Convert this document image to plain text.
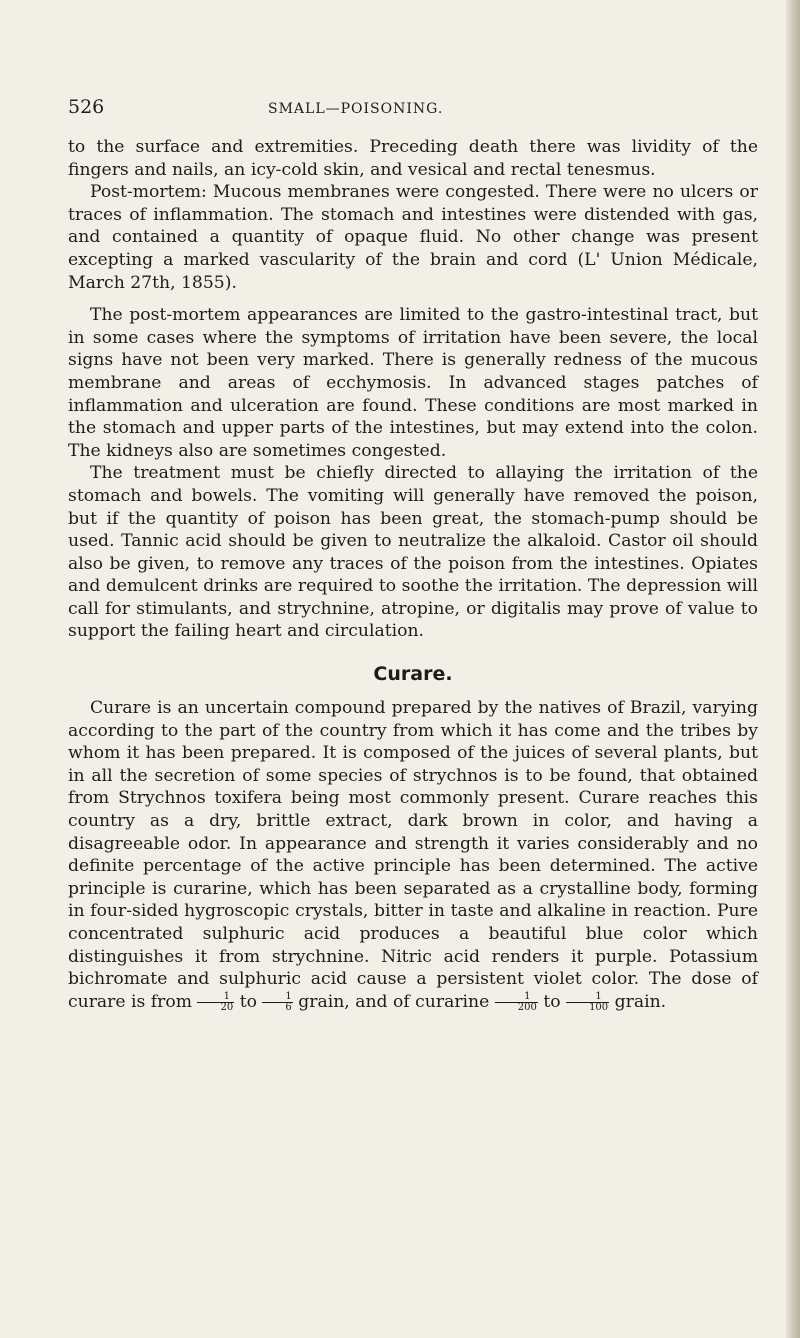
526	SMALL—POISONING.

to the surface and extremities. Preceding death there was lividity of the fingers and nails, an icy-cold skin, and vesical and rectal tenesmus.

Post-mortem: Mucous membranes were congested. There were no ulcers or traces of inflammation. The stomach and intestines were distended with gas, and contained a quantity of opaque fluid. No other change was present excepting a marked vascularity of the brain and cord (L' Union Médicale, March 27th, 1855).

The post-mortem appearances are limited to the gastro-intestinal tract, but in some cases where the symptoms of irritation have been severe, the local signs have not been very marked. There is generally redness of the mucous membrane and areas of ecchymosis. In advanced stages patches of inflammation and ulceration are found. These conditions are most marked in the stomach and upper parts of the intestines, but may extend into the colon. The kidneys also are sometimes congested.

The treatment must be chiefly directed to allaying the irritation of the stomach and bowels. The vomiting will generally have removed the poison, but if the quantity of poison has been great, the stomach-pump should be used. Tannic acid should be given to neutralize the alkaloid. Castor oil should also be given, to remove any traces of the poison from the intestines. Opiates and demulcent drinks are required to soothe the irritation. The depression will call for stimulants, and strychnine, atropine, or digitalis may prove of value to support the failing heart and circulation.

Curare.

Curare is an uncertain compound prepared by the natives of Brazil, varying according to the part of the country from which it has come and the tribes by whom it has been prepared. It is composed of the juices of several plants, but in all the secretion of some species of strychnos is to be found, that obtained from Strychnos toxifera being most commonly present. Curare reaches this country as a dry, brittle extract, dark brown in color, and having a disagreeable odor. In appearance and strength it varies considerably and no definite percentage of the active principle has been determined. The active principle is curarine, which has been separated as a crystalline body, forming in four-sided hygroscopic crystals, bitter in taste and alkaline in reaction. Pure concentrated sulphuric acid produces a beautiful blue color which distinguishes it from strychnine. Nitric acid renders it purple. Potassium bichromate and sulphuric acid cause a persistent violet color. The dose of curare is from $\frac{1}{20}$ to $\frac{1}{6}$ grain, and of curarine $\frac{1}{200}$ to $\frac{1}{100}$ grain.
